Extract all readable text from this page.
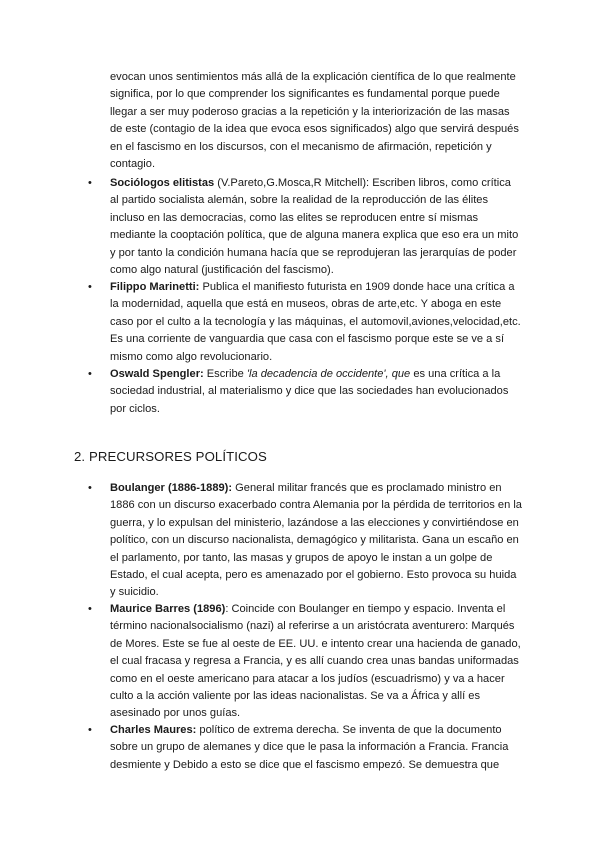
evocan unos sentimientos más allá de la explicación científica de lo que realmente significa, por lo que comprender los significantes es fundamental porque puede llegar a ser muy poderoso gracias a la repetición y la interiorización de las masas de este (contagio de la idea que evoca esos significados) algo que servirá después en el fascismo en los discursos, con el mecanismo de afirmación, repetición y contagio.

• Sociólogos elitistas (V.Pareto,G.Mosca,R Mitchell): Escriben libros, como crítica al partido socialista alemán, sobre la realidad de la reproducción de las élites incluso en las democracias, como las elites se reproducen entre sí mismas mediante la cooptación política, que de alguna manera explica que eso era un mito y por tanto la condición humana hacía que se reprodujeran las jerarquías de poder como algo natural (justificación del fascismo).

• Filippo Marinetti: Publica el manifiesto futurista en 1909 donde hace una crítica a la modernidad, aquella que está en museos, obras de arte,etc. Y aboga en este caso por el culto a la tecnología y las máquinas, el automovil,aviones,velocidad,etc. Es una corriente de vanguardia que casa con el fascismo porque este se ve a sí mismo como algo revolucionario.

• Oswald Spengler: Escribe 'la decadencia de occidente', que es una crítica a la sociedad industrial, al materialismo y dice que las sociedades han evolucionados por ciclos.

2. PRECURSORES POLÍTICOS
• Boulanger (1886-1889): General militar francés que es proclamado ministro en 1886 con un discurso exacerbado contra Alemania por la pérdida de territorios en la guerra, y lo expulsan del ministerio, lazándose a las elecciones y convirtiéndose en político, con un discurso nacionalista, demagógico y militarista. Gana un escaño en el parlamento, por tanto, las masas y grupos de apoyo le instan a un golpe de Estado, el cual acepta, pero es amenazado por el gobierno. Esto provoca su huida y suicidio.

• Maurice Barres (1896): Coincide con Boulanger en tiempo y espacio. Inventa el término nacionalsocialismo (nazi) al referirse a un aristócrata aventurero: Marqués de Mores. Este se fue al oeste de EE. UU. e intento crear una hacienda de ganado, el cual fracasa y regresa a Francia, y es allí cuando crea unas bandas uniformadas como en el oeste americano para atacar a los judíos (escuadrismo) y va a hacer culto a la acción valiente por las ideas nacionalistas. Se va a África y allí es asesinado por unos guías.

• Charles Maures: político de extrema derecha. Se inventa de que la documento sobre un grupo de alemanes y dice que le pasa la información a Francia. Francia desmiente y Debido a esto se dice que el fascismo empezó. Se demuestra que
